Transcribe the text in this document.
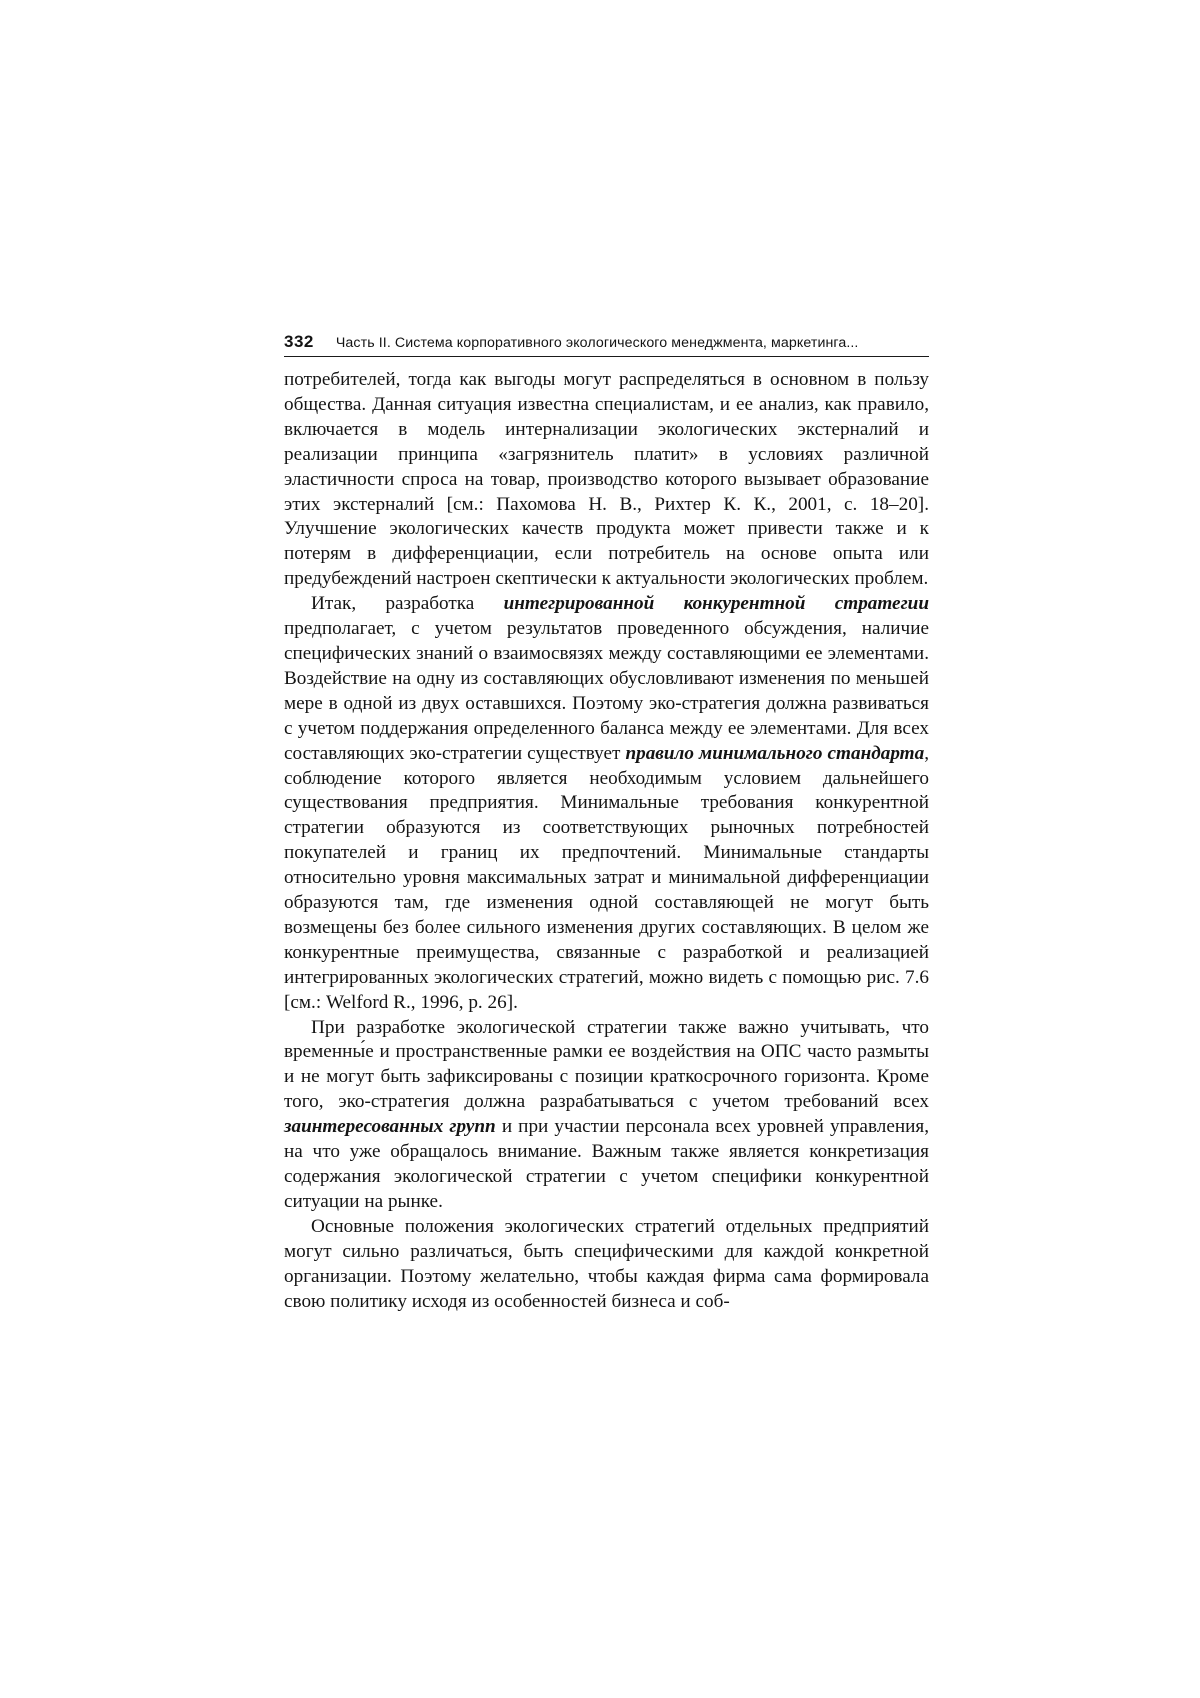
332 Часть II. Система корпоративного экологического менеджмента, маркетинга...

потребителей, тогда как выгоды могут распределяться в основном в пользу общества. Данная ситуация известна специалистам, и ее анализ, как правило, включается в модель интернализации экологических экстерналий и реализации принципа «загрязнитель платит» в условиях различной эластичности спроса на товар, производство которого вызывает образование этих экстерналий [см.: Пахомова Н. В., Рихтер К. К., 2001, с. 18–20]. Улучшение экологических качеств продукта может привести также и к потерям в дифференциации, если потребитель на основе опыта или предубеждений настроен скептически к актуальности экологических проблем.

Итак, разработка интегрированной конкурентной стратегии предполагает, с учетом результатов проведенного обсуждения, наличие специфических знаний о взаимосвязях между составляющими ее элементами. Воздействие на одну из составляющих обусловливают изменения по меньшей мере в одной из двух оставшихся. Поэтому эко-стратегия должна развиваться с учетом поддержания определенного баланса между ее элементами. Для всех составляющих эко-стратегии существует правило минимального стандарта, соблюдение которого является необходимым условием дальнейшего существования предприятия. Минимальные требования конкурентной стратегии образуются из соответствующих рыночных потребностей покупателей и границ их предпочтений. Минимальные стандарты относительно уровня максимальных затрат и минимальной дифференциации образуются там, где изменения одной составляющей не могут быть возмещены без более сильного изменения других составляющих. В целом же конкурентные преимущества, связанные с разработкой и реализацией интегрированных экологических стратегий, можно видеть с помощью рис. 7.6 [см.: Welford R., 1996, p. 26].

При разработке экологической стратегии также важно учитывать, что временны́е и пространственные рамки ее воздействия на ОПС часто размыты и не могут быть зафиксированы с позиции краткосрочного горизонта. Кроме того, эко-стратегия должна разрабатываться с учетом требований всех заинтересованных групп и при участии персонала всех уровней управления, на что уже обращалось внимание. Важным также является конкретизация содержания экологической стратегии с учетом специфики конкурентной ситуации на рынке.

Основные положения экологических стратегий отдельных предприятий могут сильно различаться, быть специфическими для каждой конкретной организации. Поэтому желательно, чтобы каждая фирма сама формировала свою политику исходя из особенностей бизнеса и соб-
